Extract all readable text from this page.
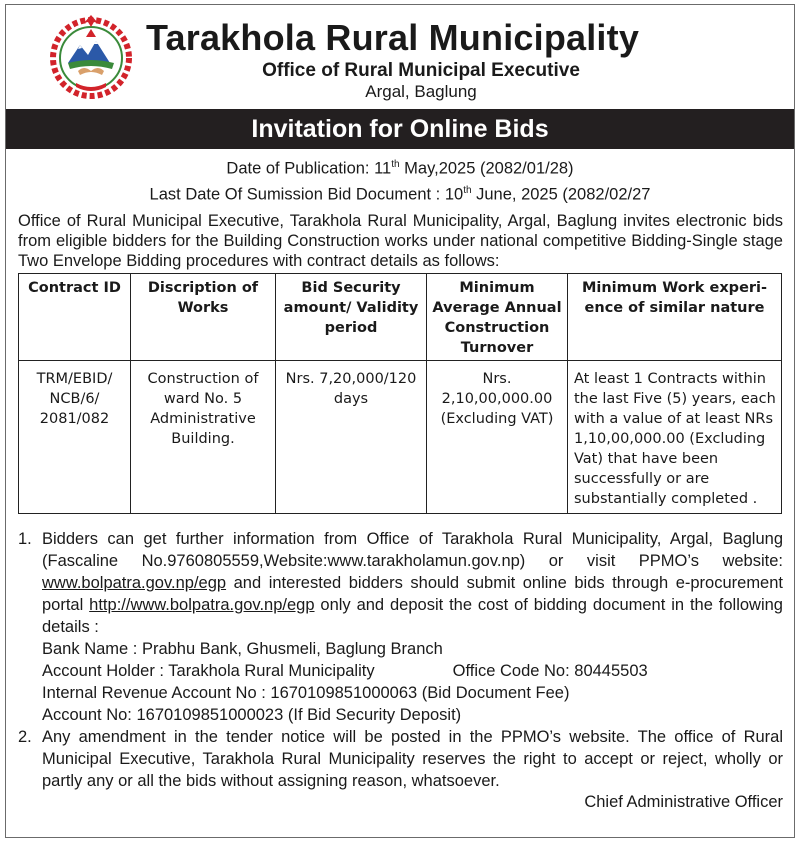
Tarakhola Rural Municipality
Office of Rural Municipal Executive
Argal, Baglung
Invitation for Online Bids
Date of Publication: 11th May,2025 (2082/01/28)
Last Date Of Sumission Bid Document : 10th June, 2025 (2082/02/27
Office of Rural Municipal Executive, Tarakhola Rural Municipality, Argal, Baglung invites electronic bids from eligible bidders for the Building Construction works under national competitive Bidding-Single stage Two Envelope Bidding procedures with contract details as follows:
Contract ID	Discription of Works	Bid Security amount/ Validity period	Minimum Average Annual Construction Turnover	Minimum Work experi-ence of similar nature
TRM/EBID/ NCB/6/ 2081/082	Construction of ward No. 5 Administrative Building.	Nrs. 7,20,000/120 days	Nrs. 2,10,00,000.00 (Excluding VAT)	At least 1 Contracts within the last Five (5) years, each with a value of at least NRs 1,10,00,000.00 (Excluding Vat) that have been successfully or are substantially completed .
1. Bidders can get further information from Office of Tarakhola Rural Municipality, Argal, Baglung (Fascaline No.9760805559,Website:www.tarakholamun.gov.np) or visit PPMO’s website: www.bolpatra.gov.np/egp and interested bidders should submit online bids through e-procurement portal http://www.bolpatra.gov.np/egp only and deposit the cost of bidding document in the following details :
Bank Name : Prabhu Bank, Ghusmeli, Baglung Branch
Account Holder : Tarakhola Rural Municipality	Office Code No: 80445503
Internal Revenue Account No : 1670109851000063 (Bid Document Fee)
Account No: 1670109851000023 (If Bid Security Deposit)
2. Any amendment in the tender notice will be posted in the PPMO’s website. The office of Rural Municipal Executive, Tarakhola Rural Municipality reserves the right to accept or reject, wholly or partly any or all the bids without assigning reason, whatsoever.
Chief Administrative Officer
